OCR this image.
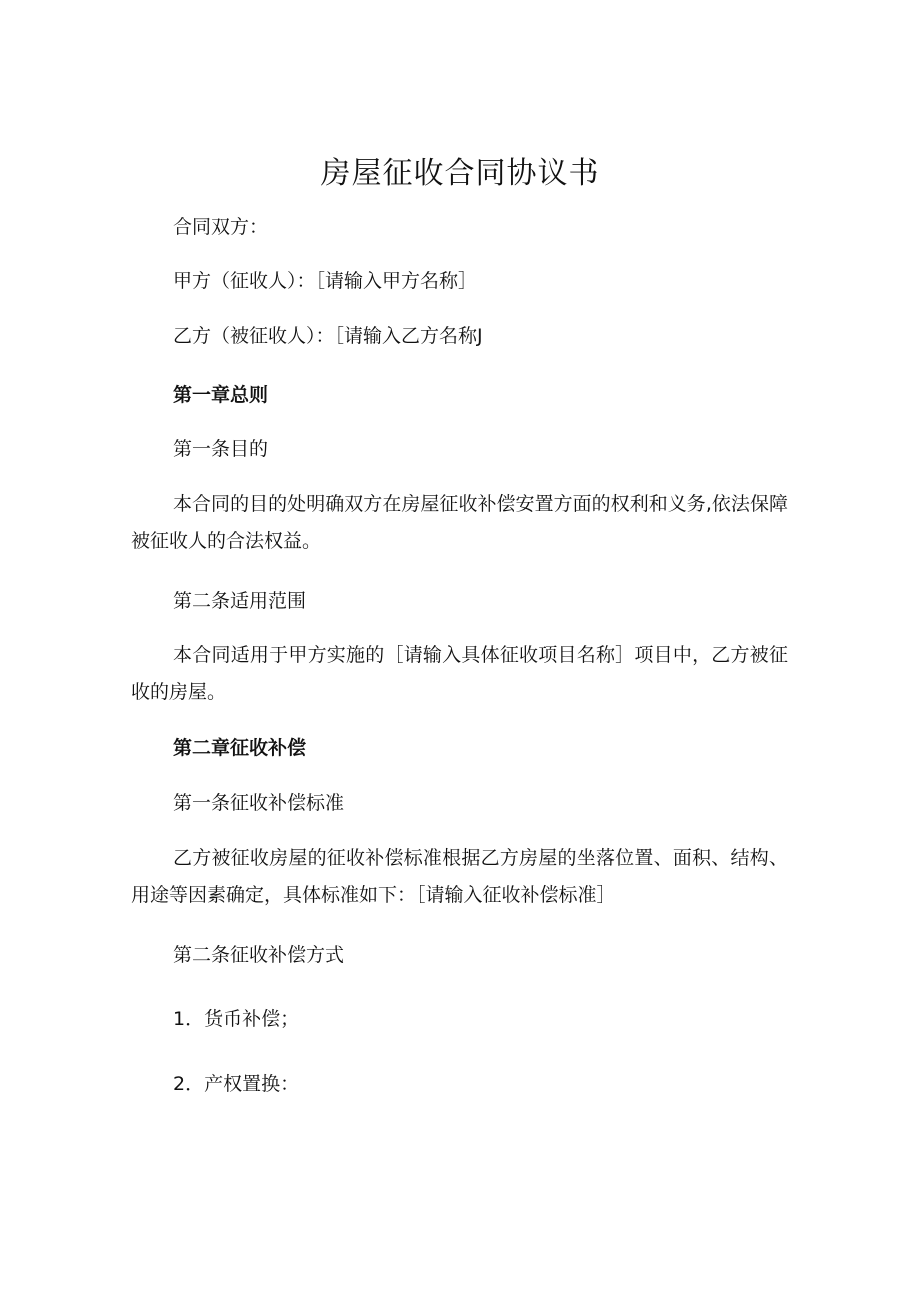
房屋征收合同协议书
合同双方：
甲方（征收人）：［请输入甲方名称］
乙方（被征收人）：［请输入乙方名称J
第一章总则
第一条目的
本合同的目的处明确双方在房屋征收补偿安置方面的权利和义务,依法保障被征收人的合法权益。
第二条适用范围
本合同适用于甲方实施的［请输入具体征收项目名称］项目中，乙方被征收的房屋。
第二章征收补偿
第一条征收补偿标准
乙方被征收房屋的征收补偿标准根据乙方房屋的坐落位置、面积、结构、用途等因素确定，具体标准如下：［请输入征收补偿标准］
第二条征收补偿方式
1．货币补偿；
2．产权置换：
